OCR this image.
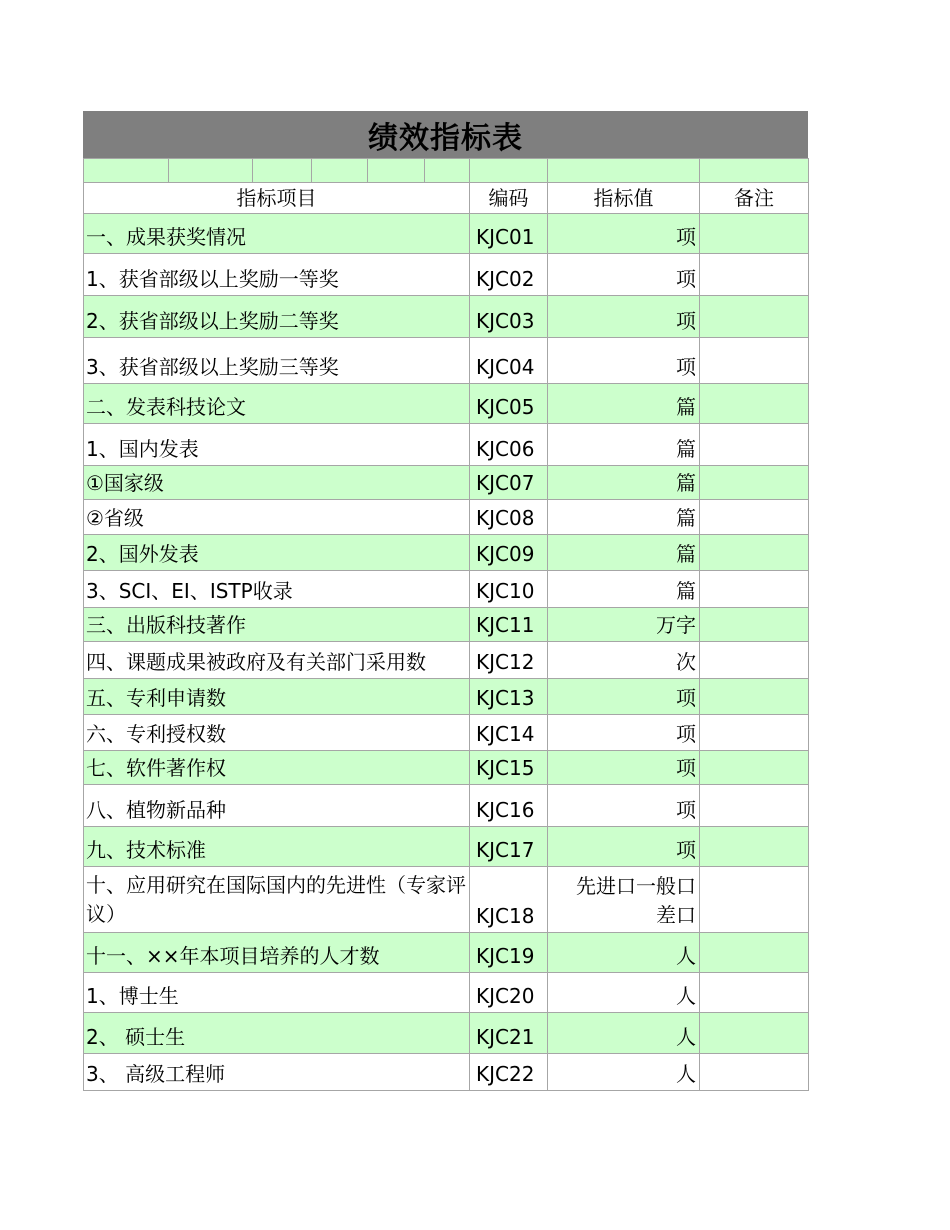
绩效指标表

指标项目						编码	指标值	备注
一、成果获奖情况						KJC01	项	
1、获省部级以上奖励一等奖						KJC02	项	
2、获省部级以上奖励二等奖						KJC03	项	
3、获省部级以上奖励三等奖						KJC04	项	
二、发表科技论文						KJC05	篇	
1、国内发表						KJC06	篇	
①国家级						KJC07	篇	
②省级						KJC08	篇	
2、国外发表						KJC09	篇	
3、SCI、EI、ISTP收录						KJC10	篇	
三、出版科技著作						KJC11	万字	
四、课题成果被政府及有关部门采用数						KJC12	次	
五、专利申请数						KJC13	项	
六、专利授权数						KJC14	项	
七、软件著作权						KJC15	项	
八、植物新品种						KJC16	项	
九、技术标准						KJC17	项	
十、应用研究在国际国内的先进性（专家评议）						KJC18	先进口一般口差口	
十一、××年本项目培养的人才数						KJC19	人	
1、博士生						KJC20	人	
2、 硕士生						KJC21	人	
3、 高级工程师						KJC22	人	
